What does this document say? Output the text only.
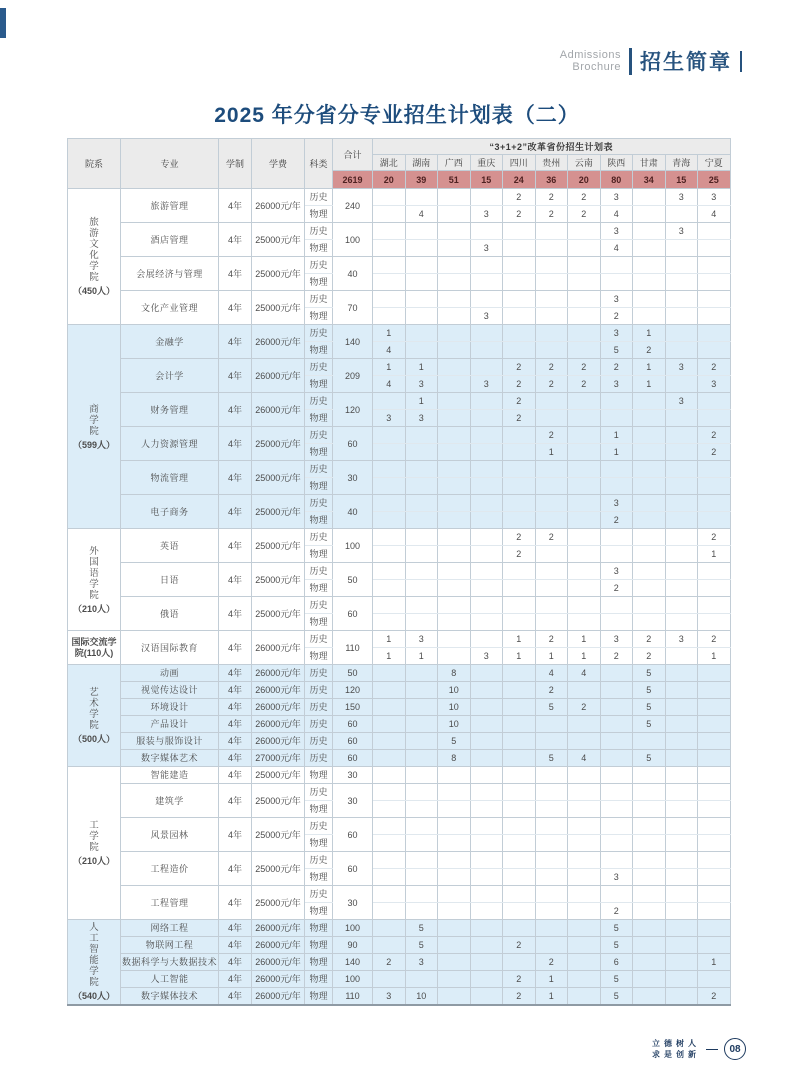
Admissions
Brochure 招生简章
2025 年分省分专业招生计划表（二）
院系	专业	学制	学费	科类	合计	“3+1+2”改革省份招生计划表										
						湖北	湖南	广西	重庆	四川	贵州	云南	陕西	甘肃	青海	宁夏
					2619	20	39	51	15	24	36	20	80	34	15	25

旅
游
文
化
学
院
（450人）
	旅游管理	4年	26000元/年	历史	240					2	2	2	3		3	3
				物理			4		3	2	2	2	4			4
	酒店管理	4年	25000元/年	历史	100								3		3	
				物理					3				4			
	会展经济与管理	4年	25000元/年	历史	40											
				物理												
	文化产业管理	4年	25000元/年	历史	70								3			
				物理					3				2			

商
学
院
（599人）	金融学	4年	26000元/年	历史	140	1							3	1		
				物理		4							5	2		
	会计学	4年	26000元/年	历史	209	1	1			2	2	2	2	1	3	2
				物理		4	3		3	2	2	2	3	1		3
	财务管理	4年	26000元/年	历史	120		1			2					3	
				物理		3	3			2						
	人力资源管理	4年	25000元/年	历史	60						2		1			2
				物理							1		1			2
	物流管理	4年	25000元/年	历史	30											
				物理												
	电子商务	4年	25000元/年	历史	40								3			
				物理									2			

外
国
语
学
院
（210人）
	英语	4年	25000元/年	历史	100					2	2					2
				物理						2						1
	日语	4年	25000元/年	历史	50								3			
				物理									2			
	俄语	4年	25000元/年	历史	60											
				物理												

国际交流学院(110人)	汉语国际教育	4年	26000元/年	历史	110	1	3			1	2	1	3	2	3	2
				物理		1	1		3	1	1	1	2	2		1

艺
术
学
院
（500人）	动画	4年	26000元/年	历史	50			8			4	4		5		
	视觉传达设计	4年	26000元/年	历史	120			10			2			5		
	环境设计	4年	26000元/年	历史	150			10			5	2		5		
	产品设计	4年	26000元/年	历史	60			10						5		
	服装与服饰设计	4年	26000元/年	历史	60			5								
	数字媒体艺术	4年	27000元/年	历史	60			8			5	4		5		

工
学
院
（210人）	智能建造	4年	25000元/年	物理	30											
	建筑学	4年	25000元/年	历史	30											
				物理												
	风景园林	4年	25000元/年	历史	60											
				物理												
	工程造价	4年	25000元/年	历史	60											
				物理									3			
	工程管理	4年	25000元/年	历史	30											
				物理									2			

人
工
智
能
学
院
（540人）
	网络工程	4年	26000元/年	物理	100		5						5			
	物联网工程	4年	26000元/年	物理	90		5			2			5			
	数据科学与大数据技术	4年	26000元/年	物理	140	2	3				2		6			1
	人工智能	4年	26000元/年	物理	100					2	1		5			
	数字媒体技术	4年	26000元/年	物理	110	3	10			2	1		5			2
立德树人
求是创新	08
